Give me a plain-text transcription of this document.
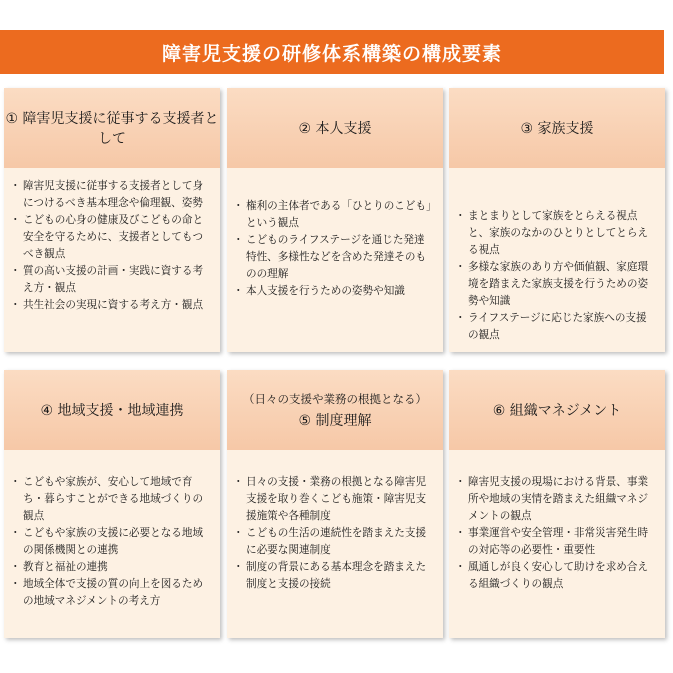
障害児支援の研修体系構築の構成要素
① 障害児支援に従事する支援者として
・ 障害児支援に従事する支援者として身につけるべき基本理念や倫理観、姿勢
・ こどもの心身の健康及びこどもの命と安全を守るために、支援者としてもつべき観点
・ 質の高い支援の計画・実践に資する考え方・観点
・ 共生社会の実現に資する考え方・観点
② 本人支援
・ 権利の主体者である「ひとりのこども」という観点
・ こどものライフステージを通じた発達特性、多様性などを含めた発達そのものの理解
・ 本人支援を行うための姿勢や知識
③ 家族支援
・ まとまりとして家族をとらえる視点と、家族のなかのひとりとしてとらえる視点
・ 多様な家族のあり方や価値観、家庭環境を踏まえた家族支援を行うための姿勢や知識
・ ライフステージに応じた家族への支援の観点
④ 地域支援・地域連携
・ こどもや家族が、安心して地域で育ち・暮らすことができる地域づくりの観点
・ こどもや家族の支援に必要となる地域の関係機関との連携
・ 教育と福祉の連携
・ 地域全体で支援の質の向上を図るための地域マネジメントの考え方
（日々の支援や業務の根拠となる）
⑤ 制度理解
・ 日々の支援・業務の根拠となる障害児支援を取り巻くこども施策・障害児支援施策や各種制度
・ こどもの生活の連続性を踏まえた支援に必要な関連制度
・ 制度の背景にある基本理念を踏まえた制度と支援の接続
⑥ 組織マネジメント
・ 障害児支援の現場における背景、事業所や地域の実情を踏まえた組織マネジメントの観点
・ 事業運営や安全管理・非常災害発生時の対応等の必要性・重要性
・ 風通しが良く安心して助けを求め合える組織づくりの観点
